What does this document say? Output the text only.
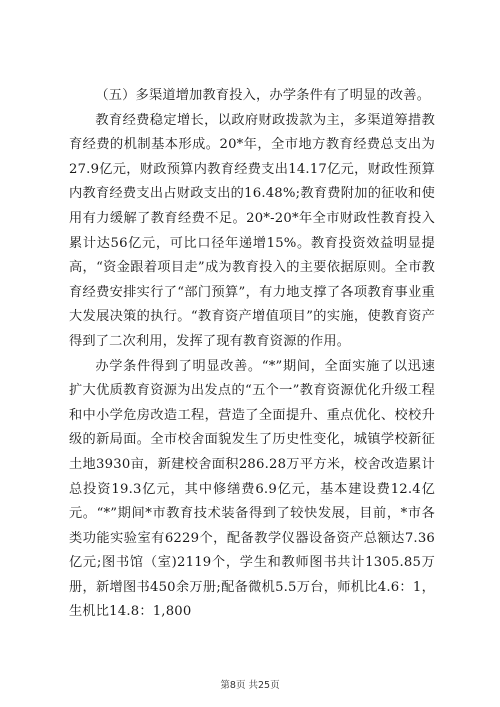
（五）多渠道增加教育投入，办学条件有了明显的改善。

教育经费稳定增长，以政府财政拨款为主，多渠道筹措教育经费的机制基本形成。20*年，全市地方教育经费总支出为27.9亿元，财政预算内教育经费支出14.17亿元，财政性预算内教育经费支出占财政支出的16.48%;教育费附加的征收和使用有力缓解了教育经费不足。20*-20*年全市财政性教育投入累计达56亿元，可比口径年递增15%。教育投资效益明显提高，“资金跟着项目走”成为教育投入的主要依据原则。全市教育经费安排实行了“部门预算”，有力地支撑了各项教育事业重大发展决策的执行。“教育资产增值项目”的实施，使教育资产得到了二次利用，发挥了现有教育资源的作用。

办学条件得到了明显改善。“*”期间，全面实施了以迅速扩大优质教育资源为出发点的“五个一”教育资源优化升级工程和中小学危房改造工程，营造了全面提升、重点优化、校校升级的新局面。全市校舍面貌发生了历史性变化，城镇学校新征土地3930亩，新建校舍面积286.28万平方米，校舍改造累计总投资19.3亿元，其中修缮费6.9亿元，基本建设费12.4亿元。“*”期间*市教育技术装备得到了较快发展，目前，*市各类功能实验室有6229个，配备教学仪器设备资产总额达7.36亿元;图书馆（室)2119个，学生和教师图书共计1305.85万册，新增图书450余万册;配备微机5.5万台，师机比4.6：1，生机比14.8：1,800

第8页 共25页
